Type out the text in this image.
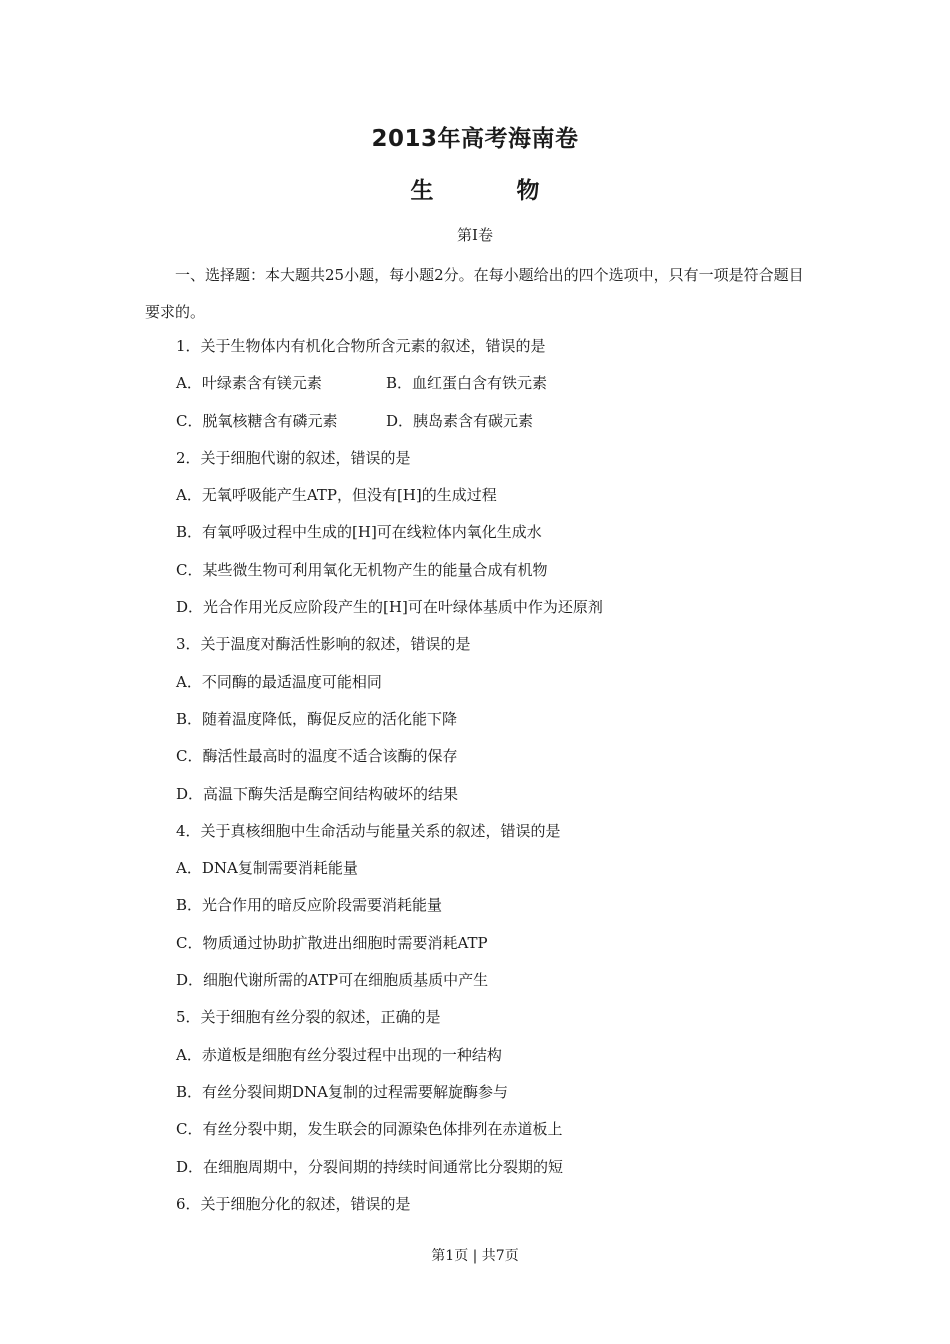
2013年高考海南卷
生　物
第I卷

一、选择题：本大题共25小题，每小题2分。在每小题给出的四个选项中，只有一项是符合题目要求的。

1．关于生物体内有机化合物所含元素的叙述，错误的是
A．叶绿素含有镁元素	B．血红蛋白含有铁元素
C．脱氧核糖含有磷元素	D．胰岛素含有碳元素
2．关于细胞代谢的叙述，错误的是
A．无氧呼吸能产生ATP，但没有[H]的生成过程
B．有氧呼吸过程中生成的[H]可在线粒体内氧化生成水
C．某些微生物可利用氧化无机物产生的能量合成有机物
D．光合作用光反应阶段产生的[H]可在叶绿体基质中作为还原剂
3．关于温度对酶活性影响的叙述，错误的是
A．不同酶的最适温度可能相同
B．随着温度降低，酶促反应的活化能下降
C．酶活性最高时的温度不适合该酶的保存
D．高温下酶失活是酶空间结构破坏的结果
4．关于真核细胞中生命活动与能量关系的叙述，错误的是
A．DNA复制需要消耗能量
B．光合作用的暗反应阶段需要消耗能量
C．物质通过协助扩散进出细胞时需要消耗ATP
D．细胞代谢所需的ATP可在细胞质基质中产生
5．关于细胞有丝分裂的叙述，正确的是
A．赤道板是细胞有丝分裂过程中出现的一种结构
B．有丝分裂间期DNA复制的过程需要解旋酶参与
C．有丝分裂中期，发生联会的同源染色体排列在赤道板上
D．在细胞周期中，分裂间期的持续时间通常比分裂期的短
6．关于细胞分化的叙述，错误的是
第1页 | 共7页
